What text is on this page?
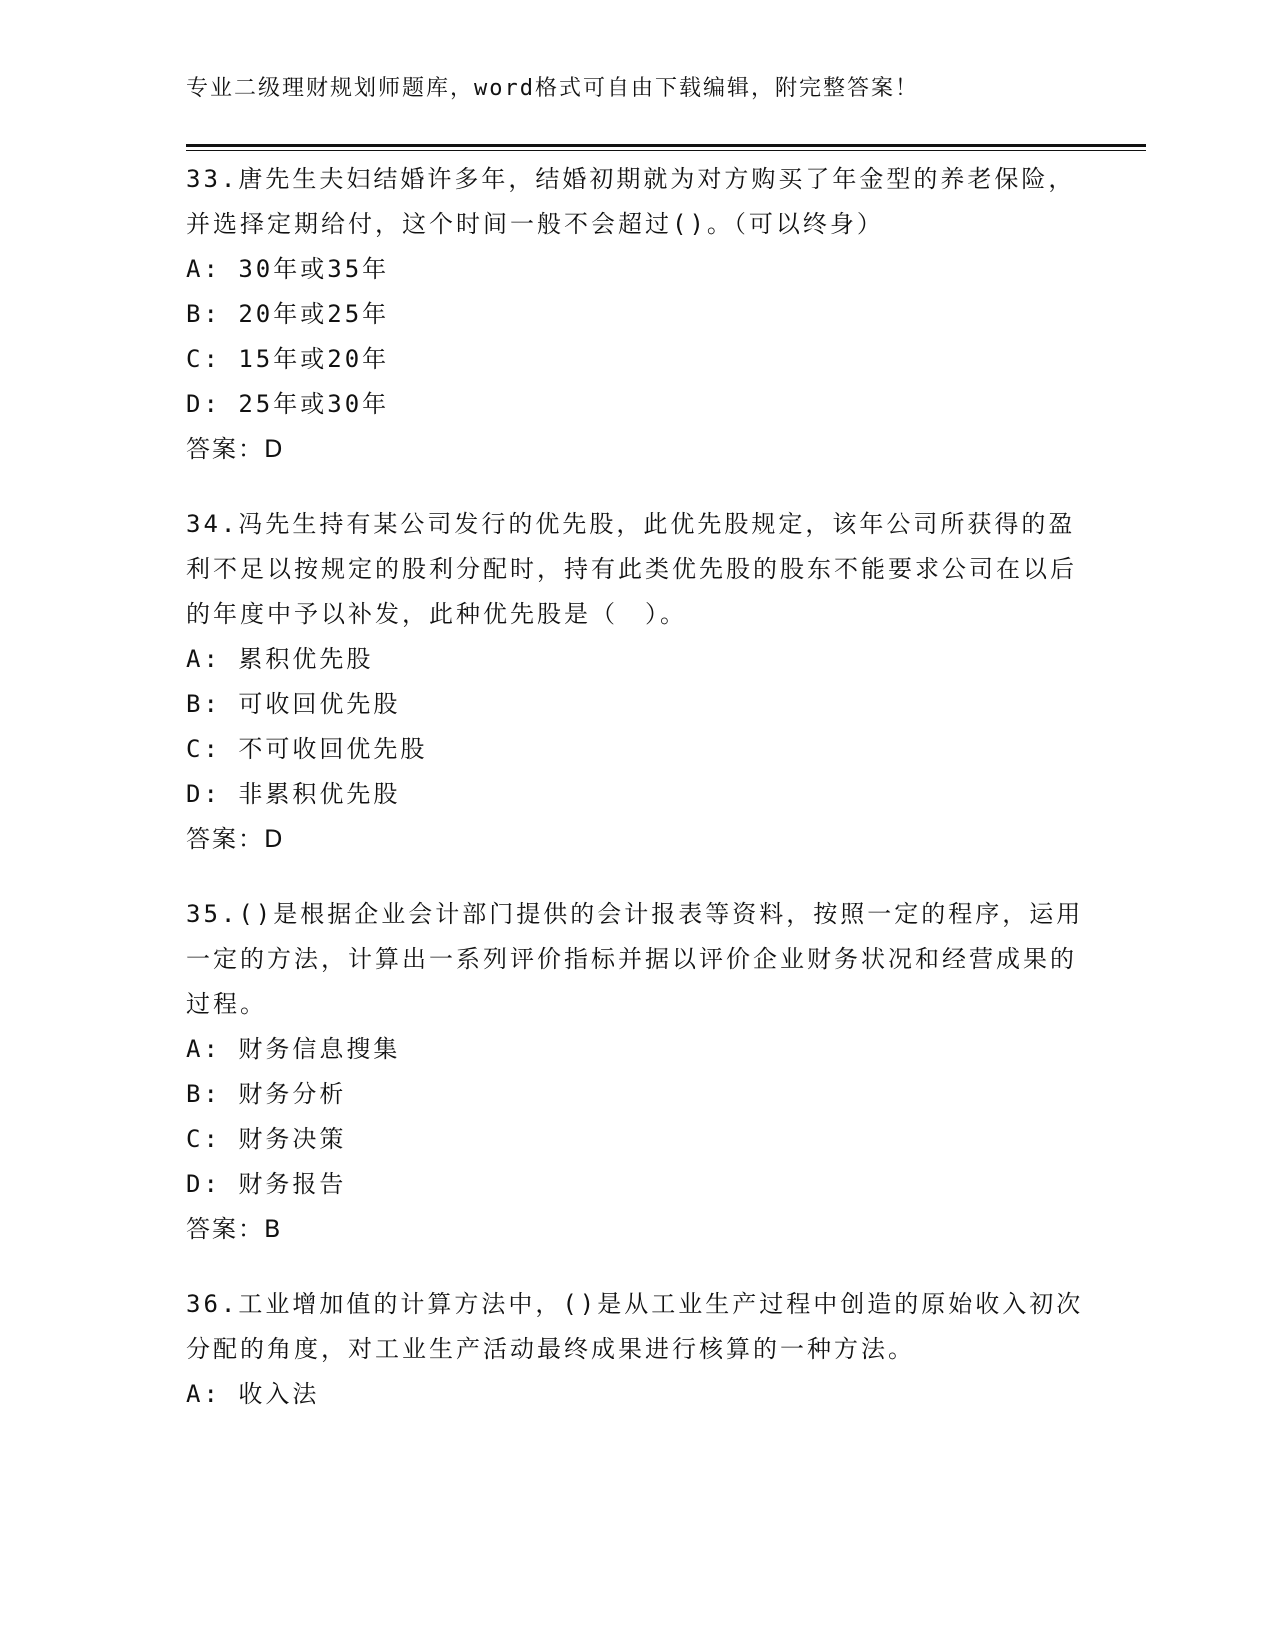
专业二级理财规划师题库，word格式可自由下载编辑，附完整答案！
33.唐先生夫妇结婚许多年，结婚初期就为对方购买了年金型的养老保险，并选择定期给付，这个时间一般不会超过()。（可以终身）
A: 30年或35年
B: 20年或25年
C: 15年或20年
D: 25年或30年
答案：D
34.冯先生持有某公司发行的优先股，此优先股规定，该年公司所获得的盈利不足以按规定的股利分配时，持有此类优先股的股东不能要求公司在以后的年度中予以补发，此种优先股是（　）。
A: 累积优先股
B: 可收回优先股
C: 不可收回优先股
D: 非累积优先股
答案：D
35.()是根据企业会计部门提供的会计报表等资料，按照一定的程序，运用一定的方法，计算出一系列评价指标并据以评价企业财务状况和经营成果的过程。
A: 财务信息搜集
B: 财务分析
C: 财务决策
D: 财务报告
答案：B
36.工业增加值的计算方法中，()是从工业生产过程中创造的原始收入初次分配的角度，对工业生产活动最终成果进行核算的一种方法。
A: 收入法
